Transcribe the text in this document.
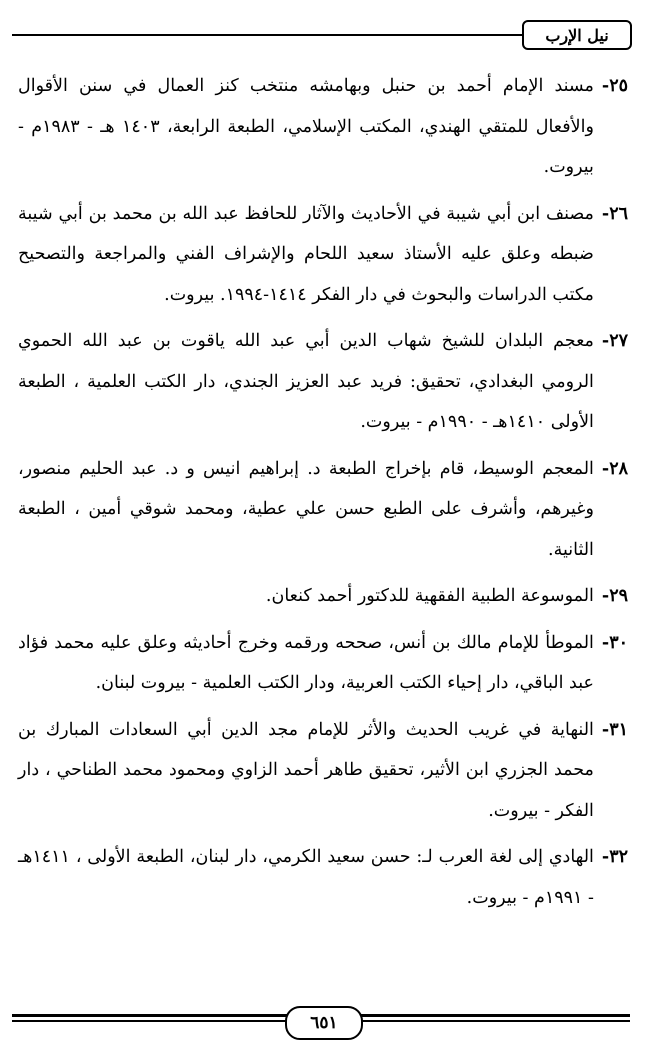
نيل الإرب
٢٥-
مسند الإمام أحمد بن حنبل وبهامشه منتخب كنز العمال في سنن الأقوال والأفعال للمتقي الهندي، المكتب الإسلامي، الطبعة الرابعة، ١٤٠٣ هـ - ١٩٨٣م - بيروت.
٢٦-
مصنف ابن أبي شيبة في الأحاديث والآثار للحافظ عبد الله بن محمد بن أبي شيبة ضبطه وعلق عليه الأستاذ سعيد اللحام والإشراف الفني والمراجعة والتصحيح مكتب الدراسات والبحوث في دار الفكر ١٤١٤-١٩٩٤. بيروت.
٢٧-
معجم البلدان للشيخ شهاب الدين أبي عبد الله ياقوت بن عبد الله الحموي الرومي البغدادي، تحقيق: فريد عبد العزيز الجندي، دار الكتب العلمية ، الطبعة الأولى ١٤١٠هـ - ١٩٩٠م - بيروت.
٢٨-
المعجم الوسيط، قام بإخراج الطبعة د. إبراهيم انيس و د. عبد الحليم منصور، وغيرهم، وأشرف على الطبع حسن علي عطية، ومحمد شوقي أمين ، الطبعة الثانية.
٢٩-
الموسوعة الطبية الفقهية للدكتور أحمد كنعان.
٣٠-
الموطأ للإمام مالك بن أنس، صححه ورقمه وخرج أحاديثه وعلق عليه محمد فؤاد عبد الباقي، دار إحياء الكتب العربية، ودار الكتب العلمية - بيروت لبنان.
٣١-
النهاية في غريب الحديث والأثر للإمام مجد الدين أبي السعادات المبارك بن محمد الجزري ابن الأثير، تحقيق طاهر أحمد الزاوي ومحمود محمد الطناحي ، دار الفكر - بيروت.
٣٢-
الهادي إلى لغة العرب لـ: حسن سعيد الكرمي، دار لبنان، الطبعة الأولى ، ١٤١١هـ - ١٩٩١م - بيروت.
٦٥١
